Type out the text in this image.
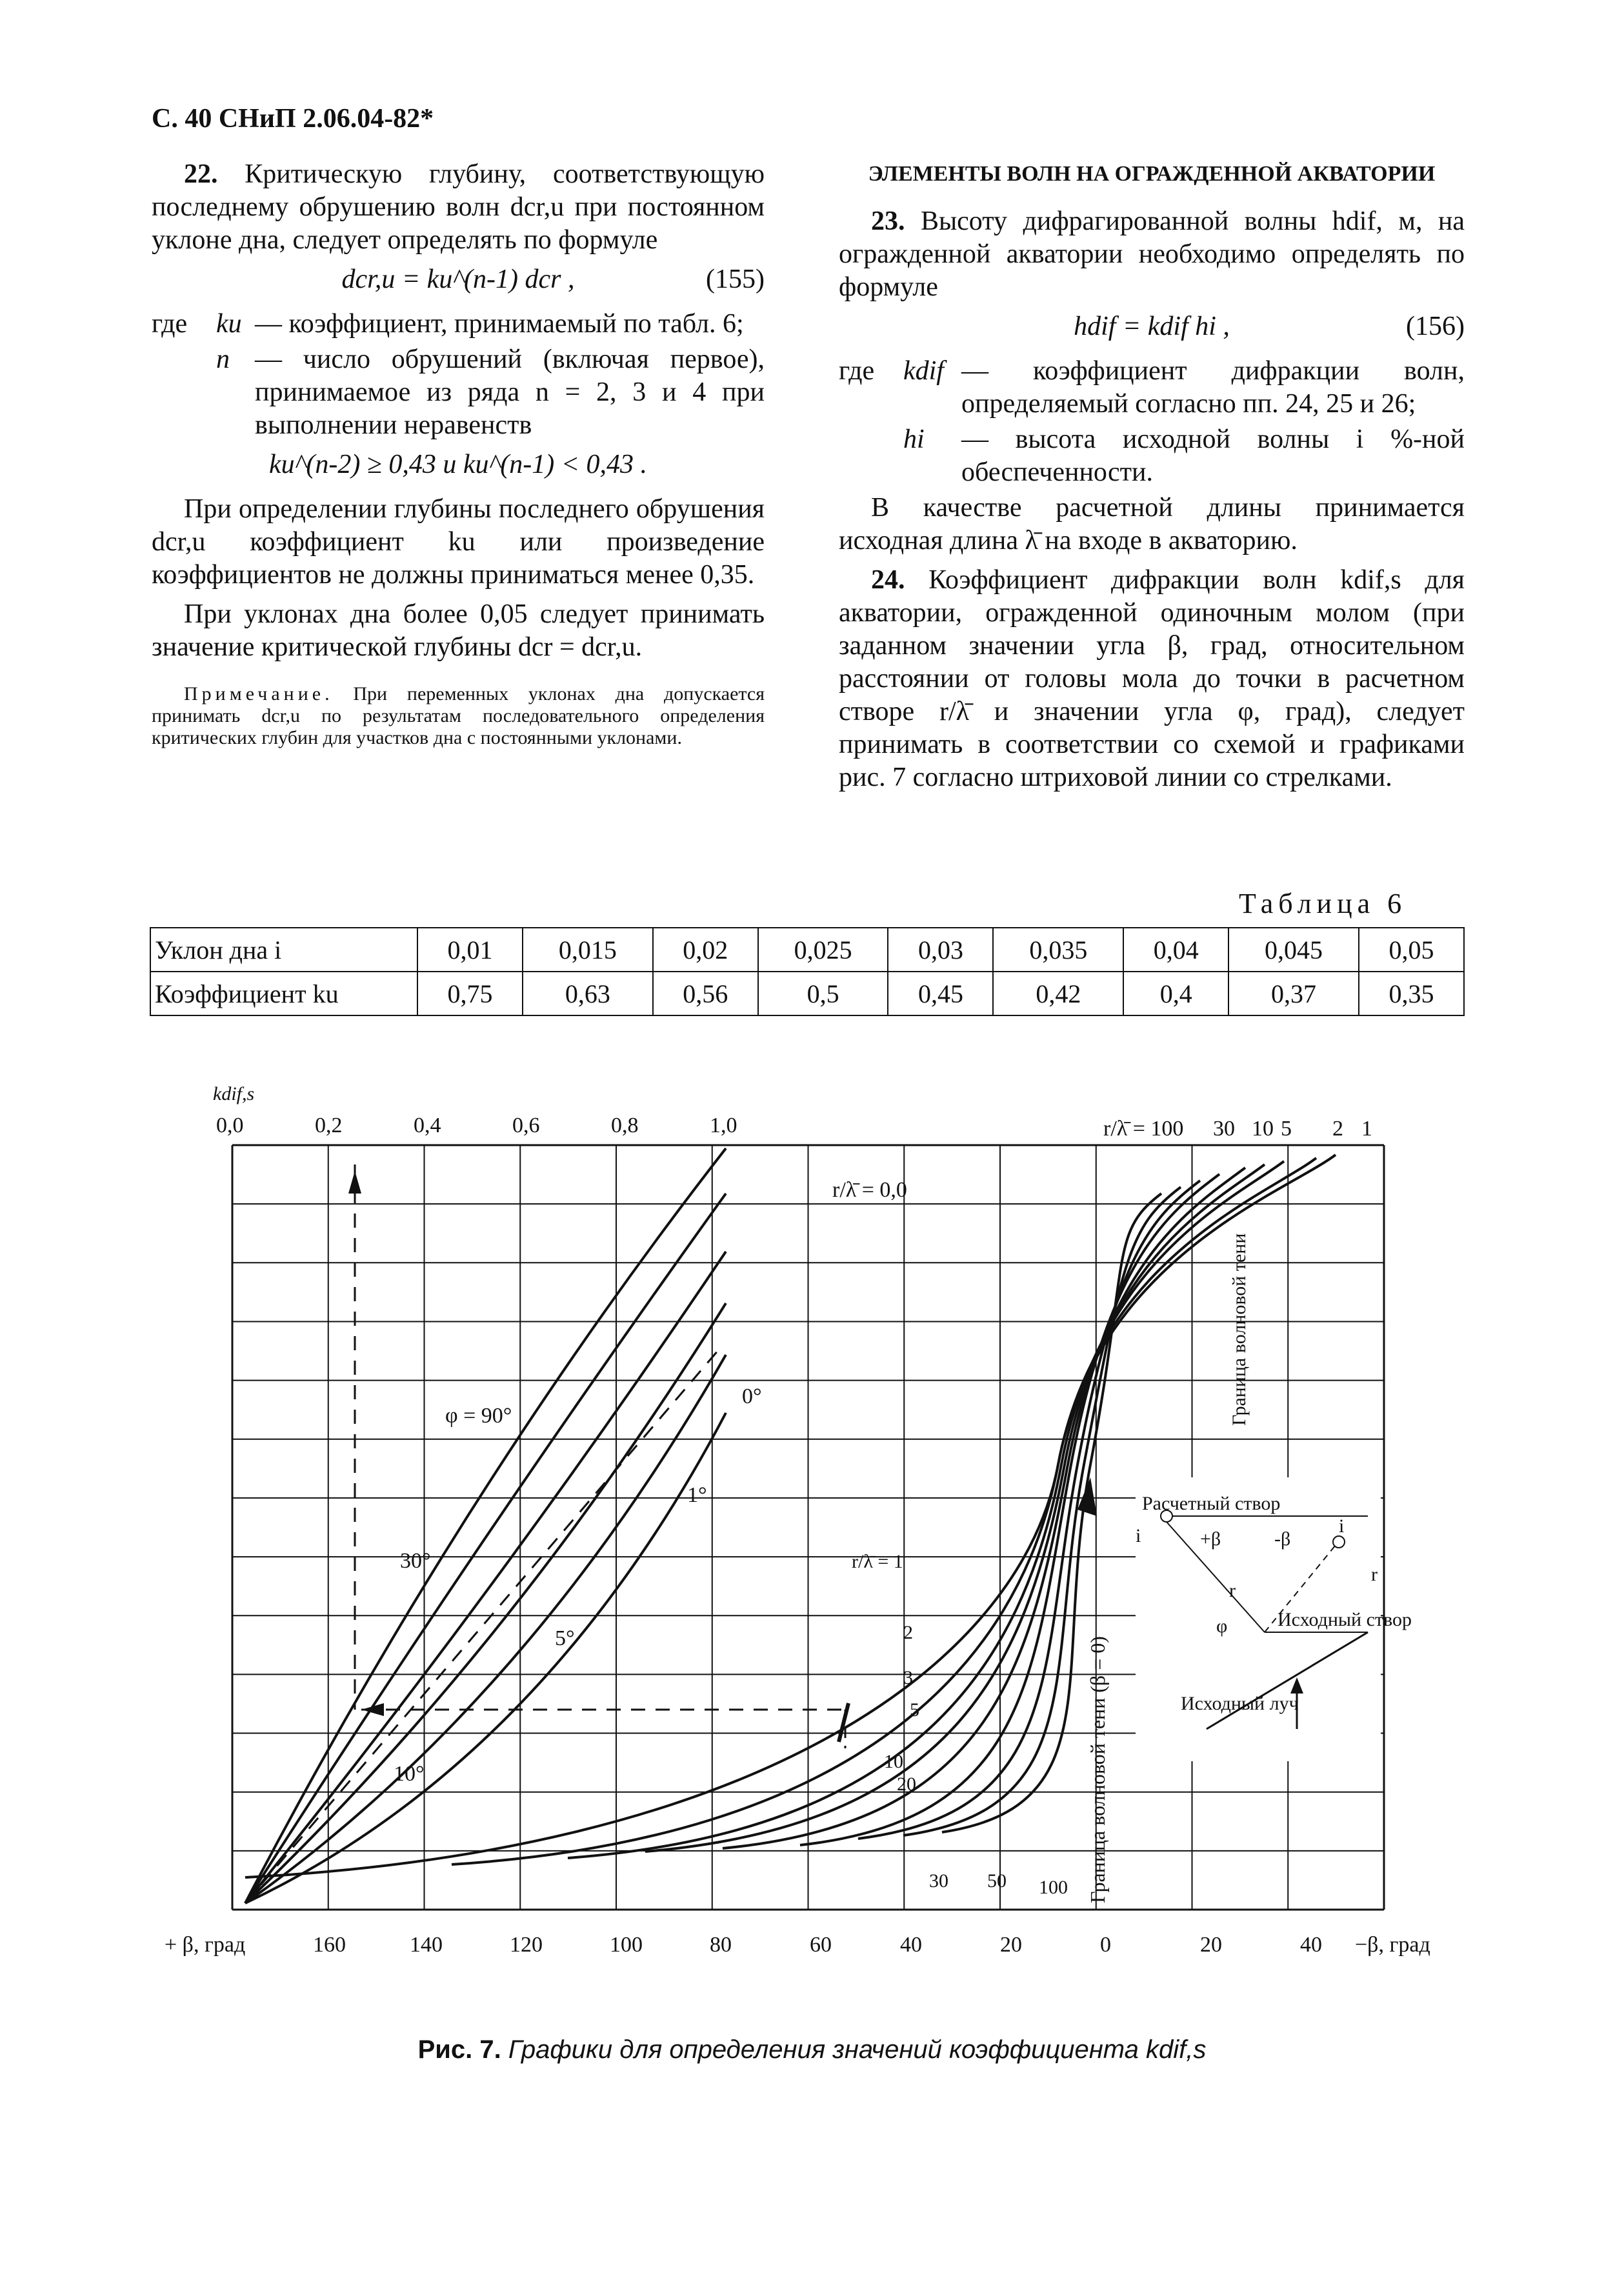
С. 40 СНиП 2.06.04-82*

22. Критическую глубину, соответствующую последнему обрушению волн dcr,u при постоянном уклоне дна, следует определять по формуле

dcr,u = ku^(n-1) dcr ,	(155)
где	ku — коэффициент, принимаемый по табл. 6;
n — число обрушений (включая первое), принимаемое из ряда n = 2, 3 и 4 при выполнении неравенств
ku^(n-2) ≥ 0,43 и ku^(n-1) < 0,43 .

При определении глубины последнего обрушения dcr,u коэффициент ku или произведение коэффициентов не должны приниматься менее 0,35.

При уклонах дна более 0,05 следует принимать значение критической глубины dcr = dcr,u.

Примечание. При переменных уклонах дна допускается принимать dcr,u по результатам последовательного определения критических глубин для участков дна с постоянными уклонами.

ЭЛЕМЕНТЫ ВОЛН НА ОГРАЖДЕННОЙ АКВАТОРИИ

23. Высоту дифрагированной волны hdif, м, на огражденной акватории необходимо определять по формуле

hdif = kdif hi ,	(156)
где	kdif — коэффициент дифракции волн, определяемый согласно пп. 24, 25 и 26;
hi	— высота исходной волны i %-ной обеспеченности.

В качестве расчетной длины принимается исходная длина λ̄ на входе в акваторию.

24. Коэффициент дифракции волн kdif,s для акватории, огражденной одиночным молом (при заданном значении угла β, град, относительном расстоянии от головы мола до точки в расчетном створе r/λ̄ и значении угла φ, град), следует принимать в соответствии со схемой и графиками рис. 7 согласно штриховой линии со стрелками.

Таблица 6
Уклон дна i	0,01	0,015	0,02	0,025	0,03	0,035	0,04	0,045	0,05
Коэффициент ku	0,75	0,63	0,56	0,5	0,45	0,42	0,4	0,37	0,35
kdif,s
0,0	0,2	0,4	0,6	0,8	1,0
+ β, град	160	140	120	100	80	60	40	20	0	20	40 −β, град
φ = 90°
30°
10°
5°
1°
0°
r/λ̄ = 0,0
r/λ̄ = 100 30 10 5 2 1
r/λ̄ = 1
2
3
5
10
20
30 50 100 Граница волновой тени (β = 0)
Граница волновой тени
Расчетный створ
i	i
+β	-β
r
r
φ	Исходный створ
Исходный луч
Рис. 7. Графики для определения значений коэффициента kdif,s
